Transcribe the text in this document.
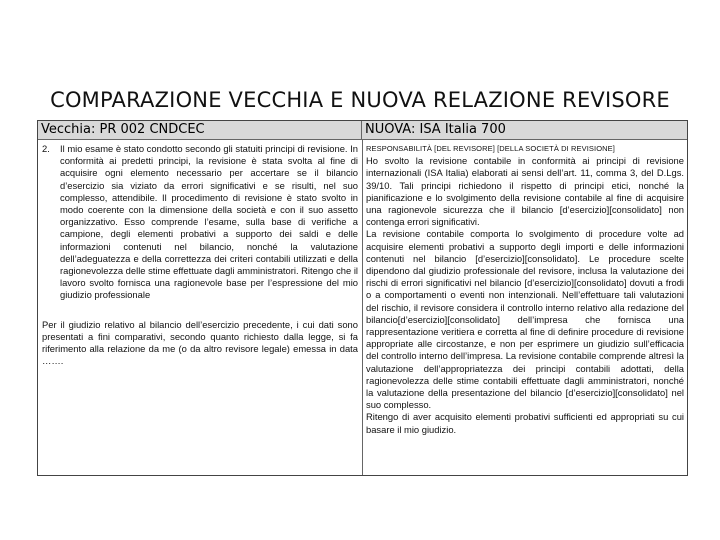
COMPARAZIONE VECCHIA E NUOVA RELAZIONE REVISORE
Vecchia: PR 002 CNDCEC	NUOVA: ISA Italia 700

2. Il mio esame è stato condotto secondo gli statuiti principi di revisione. In conformità ai predetti principi, la revisione è stata svolta al fine di acquisire ogni elemento necessario per accertare se il bilancio d’esercizio sia viziato da errori significativi e se risulti, nel suo complesso, attendibile. Il procedimento di revisione è stato svolto in modo coerente con la dimensione della società e con il suo assetto organizzativo. Esso comprende l’esame, sulla base di verifiche a campione, degli elementi probativi a supporto dei saldi e delle informazioni contenuti nel bilancio, nonché la valutazione dell’adeguatezza e della correttezza dei criteri contabili utilizzati e della ragionevolezza delle stime effettuate dagli amministratori. Ritengo che il lavoro svolto fornisca una ragionevole base per l’espressione del mio giudizio professionale

Per il giudizio relativo al bilancio dell’esercizio precedente, i cui dati sono presentati a fini comparativi, secondo quanto richiesto dalla legge, si fa riferimento alla relazione da me (o da altro revisore legale) emessa in data …….

RESPONSABILITÀ [DEL REVISORE] [DELLA SOCIETÀ DI REVISIONE]

Ho svolto la revisione contabile in conformità ai principi di revisione internazionali (ISA Italia) elaborati ai sensi dell’art. 11, comma 3, del D.Lgs. 39/10. Tali principi richiedono il rispetto di principi etici, nonché la pianificazione e lo svolgimento della revisione contabile al fine di acquisire una ragionevole sicurezza che il bilancio [d’esercizio][consolidato] non contenga errori significativi.

La revisione contabile comporta lo svolgimento di procedure volte ad acquisire elementi probativi a supporto degli importi e delle informazioni contenuti nel bilancio [d’esercizio][consolidato]. Le procedure scelte dipendono dal giudizio professionale del revisore, inclusa la valutazione dei rischi di errori significativi nel bilancio [d’esercizio][consolidato] dovuti a frodi o a comportamenti o eventi non intenzionali. Nell’effettuare tali valutazioni del rischio, il revisore considera il controllo interno relativo alla redazione del bilancio[d’esercizio][consolidato] dell’impresa che fornisca una rappresentazione veritiera e corretta al fine di definire procedure di revisione appropriate alle circostanze, e non per esprimere un giudizio sull’efficacia del controllo interno dell’impresa. La revisione contabile comprende altresì la valutazione dell’appropriatezza dei principi contabili adottati, della ragionevolezza delle stime contabili effettuate dagli amministratori, nonché la valutazione della presentazione del bilancio [d’esercizio][consolidato] nel suo complesso.

Ritengo di aver acquisito elementi probativi sufficienti ed appropriati su cui basare il mio giudizio.
